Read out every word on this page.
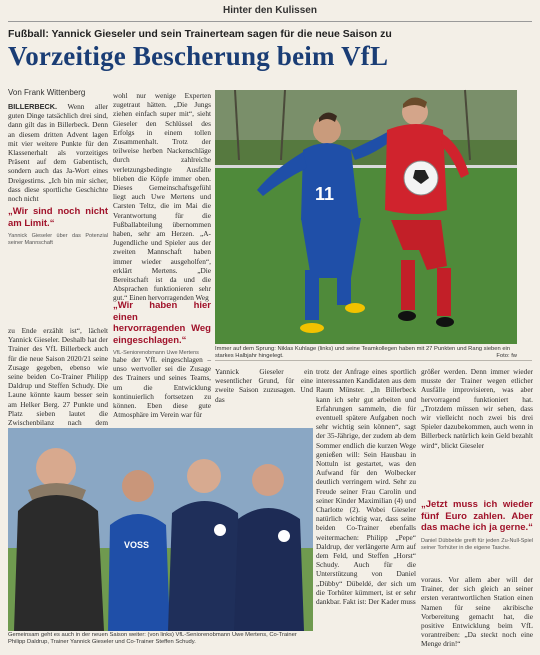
Hinter den Kulissen
Fußball: Yannick Gieseler und sein Trainerteam sagen für die neue Saison zu
Vorzeitige Bescherung beim VfL
Von Frank Wittenberg

BILLERBECK. Wenn aller guten Dinge tatsächlich drei sind, dann gilt das in Billerbeck. Denn an diesem dritten Advent lagen mit vier weitere Punkte für den Klassenerhalt als vorzeitiges Präsent auf dem Gabentisch, sondern auch das Ja-Wort eines Dreigestirns. „Ich bin mir sicher, dass diese sportliche Geschichte noch nicht

„Wir sind noch nicht am Limit.“
Yannick Gieseler über das Potenzial seiner Mannschaft

zu Ende erzählt ist“, lächelt Yannick Gieseler. Deshalb hat der Trainer des VfL Billerbeck auch für die neue Saison 2020/21 seine Zusage gegeben, ebenso wie seine beiden Co-Trainer Philipp Daldrup und Steffen Schudy. Die Laune könnte kaum besser sein am Helker Berg. 27 Punkte und Platz sieben lautet die Zwischenbilanz nach dem

wohl nur wenige Experten zugetraut hätten. „Die Jungs ziehen einfach super mit“, sieht Gieseler den Schlüssel des Erfolgs in einem tollen Zusammenhalt. Trotz der teilweise herben Nackenschläge durch zahlreiche verletzungsbedingte Ausfälle blieben die Köpfe immer oben. Dieses Gemeinschaftsgefühl liegt auch Uwe Mertens und Carsten Teltz, die im Mai die Verantwortung für die Fußballabteilung übernommen haben, sehr am Herzen. „A-Jugendliche und Spieler aus der zweiten Mannschaft haben immer wieder ausgeholfen“, erklärt Mertens. „Die Bereitschaft ist da und die Absprachen funktionieren sehr gut.“ Einen hervorragenden Weg

„Wir haben hier einen hervorragenden Weg eingeschlagen.“
VfL-Seniorenobmann Uwe Mertens

habe der VfL eingeschlagen – unso wertvoller sei die Zusage des Trainers und seines Teams, um die Entwicklung kontinuierlich fortsetzen zu können. Eben diese gute Atmosphäre im Verein war für

11
Immer auf dem Sprung: Niklas Kuhlage (links) und seine Teamkollegen haben mit 27 Punkten und Rang sieben ein starkes Halbjahr hingelegt.	Foto: fw
Yannick Gieseler ein wesentlicher Grund, für eine zweite Saison zuzusagen. Und das
trotz der Anfrage eines sportlich interessanten Kandidaten aus dem Raum Münster. „In Billerbeck kann ich sehr gut arbeiten und Erfahrungen sammeln, die für eventuell spätere Aufgaben noch sehr wichtig sein können“, sagt der 35-Jährige, der zudem ab dem Sommer endlich die kurzen Wege genießen will: Sein Hausbau in Nottuln ist gestartet, was den Aufwand für den Wolbecker deutlich verringern wird. Sehr zu Freude seiner Frau Carolin und seiner Kinder Maximilian (4) und Charlotte (2). Wobei Gieseler natürlich wichtig war, dass seine beiden Co-Trainer ebenfalls weitermachen: Philipp „Pepe“ Daldrup, der verlängerte Arm auf dem Feld, und Steffen „Horst“ Schudy. Auch für die Unterstützung von Daniel „Dübby“ Dübeldé, der sich um die Torhüter kümmert, ist er sehr dankbar. Fakt ist: Der Kader muss

größer werden. Denn immer wieder musste der Trainer wegen etlicher Ausfälle improvisieren, was aber hervorragend funktioniert hat. „Trotzdem müssen wir sehen, dass wir vielleicht noch zwei bis drei Spieler dazubekommen, auch wenn in Billerbeck natürlich kein Geld bezahlt wird“, blickt Gieseler

„Jetzt muss ich wieder fünf Euro zahlen. Aber das mache ich ja gerne.“
Daniel Dübbelde greift für jeden Zu-Null-Spiel seiner Torhüter in die eigene Tasche.

voraus. Vor allem aber will der Trainer, der sich gleich an seiner ersten verantwortlichen Station einen Namen für seine akribische Vorbereitung gemacht hat, die positive Entwicklung beim VfL vorantreiben: „Da steckt noch eine Menge drin!“

VOSS
Gemeinsam geht es auch in der neuen Saison weiter: (von links) VfL-Seniorenobmann Uwe Mertens, Co-Trainer Philipp Daldrup, Trainer Yannick Gieseler und Co-Trainer Steffen Schudy.
